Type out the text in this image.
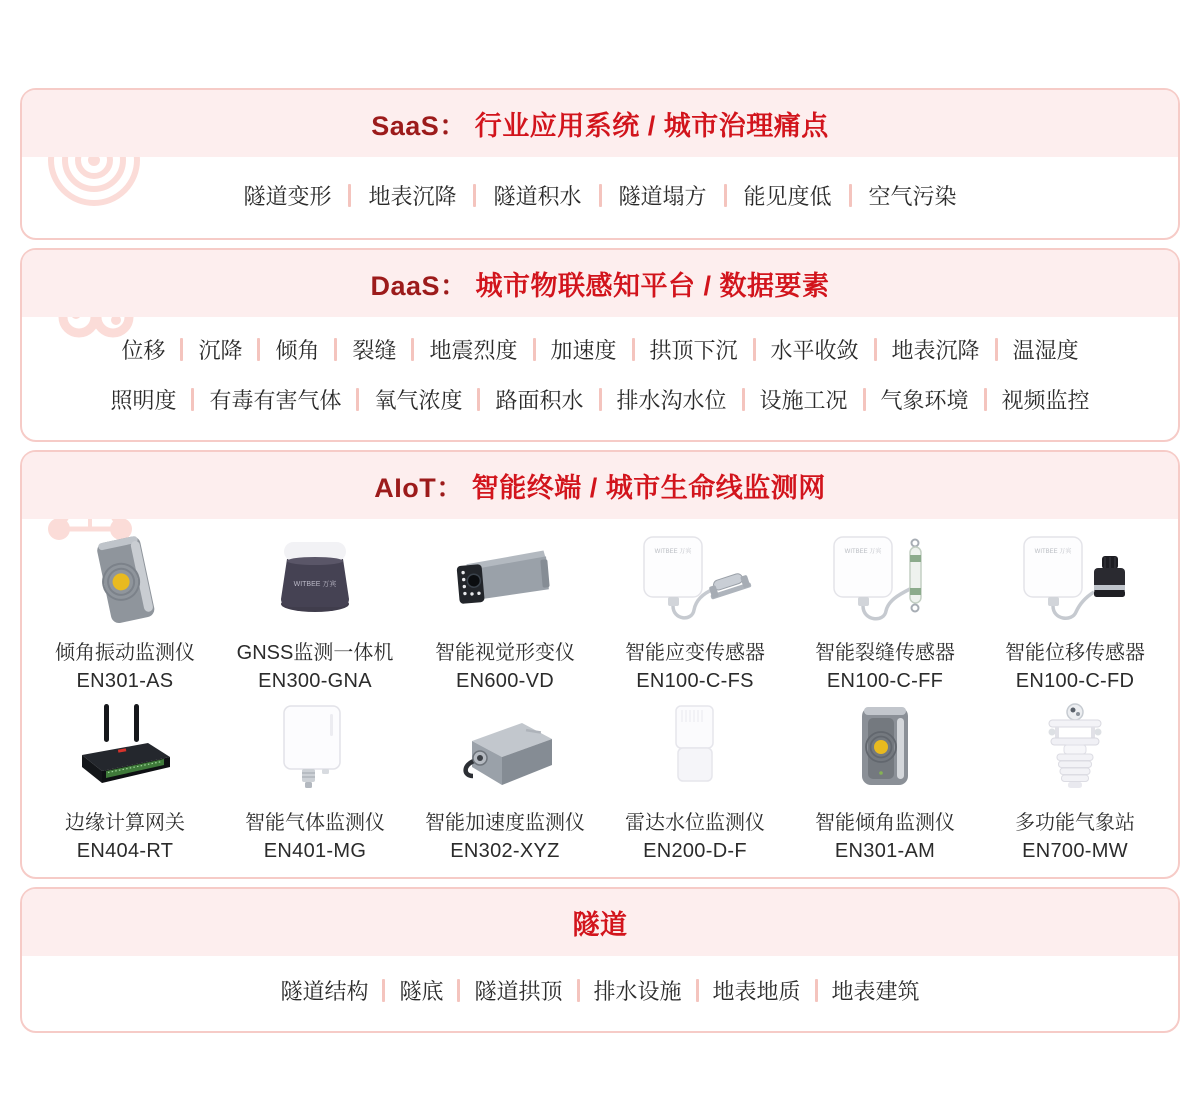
SaaS： 行业应用系统 / 城市治理痛点
隧道变形 地表沉降 隧道积水 隧道塌方 能见度低 空气污染
DaaS： 城市物联感知平台 / 数据要素
位移 沉降 倾角 裂缝 地震烈度 加速度 拱顶下沉 水平收敛 地表沉降 温湿度
照明度 有毒有害气体 氧气浓度 路面积水 排水沟水位 设施工况 气象环境 视频监控
AIoT： 智能终端 / 城市生命线监测网
倾角振动监测仪
EN301-AS
WITBEE 万宾
GNSS监测一体机
EN300-GNA
智能视觉形变仪
EN600-VD
WITBEE 万宾
智能应变传感器
EN100-C-FS
WITBEE 万宾
智能裂缝传感器
EN100-C-FF
WITBEE 万宾
智能位移传感器
EN100-C-FD
边缘计算网关
EN404-RT
智能气体监测仪
EN401-MG
智能加速度监测仪
EN302-XYZ
雷达水位监测仪
EN200-D-F
智能倾角监测仪
EN301-AM
多功能气象站
EN700-MW
隧道
隧道结构 隧底 隧道拱顶 排水设施 地表地质 地表建筑
